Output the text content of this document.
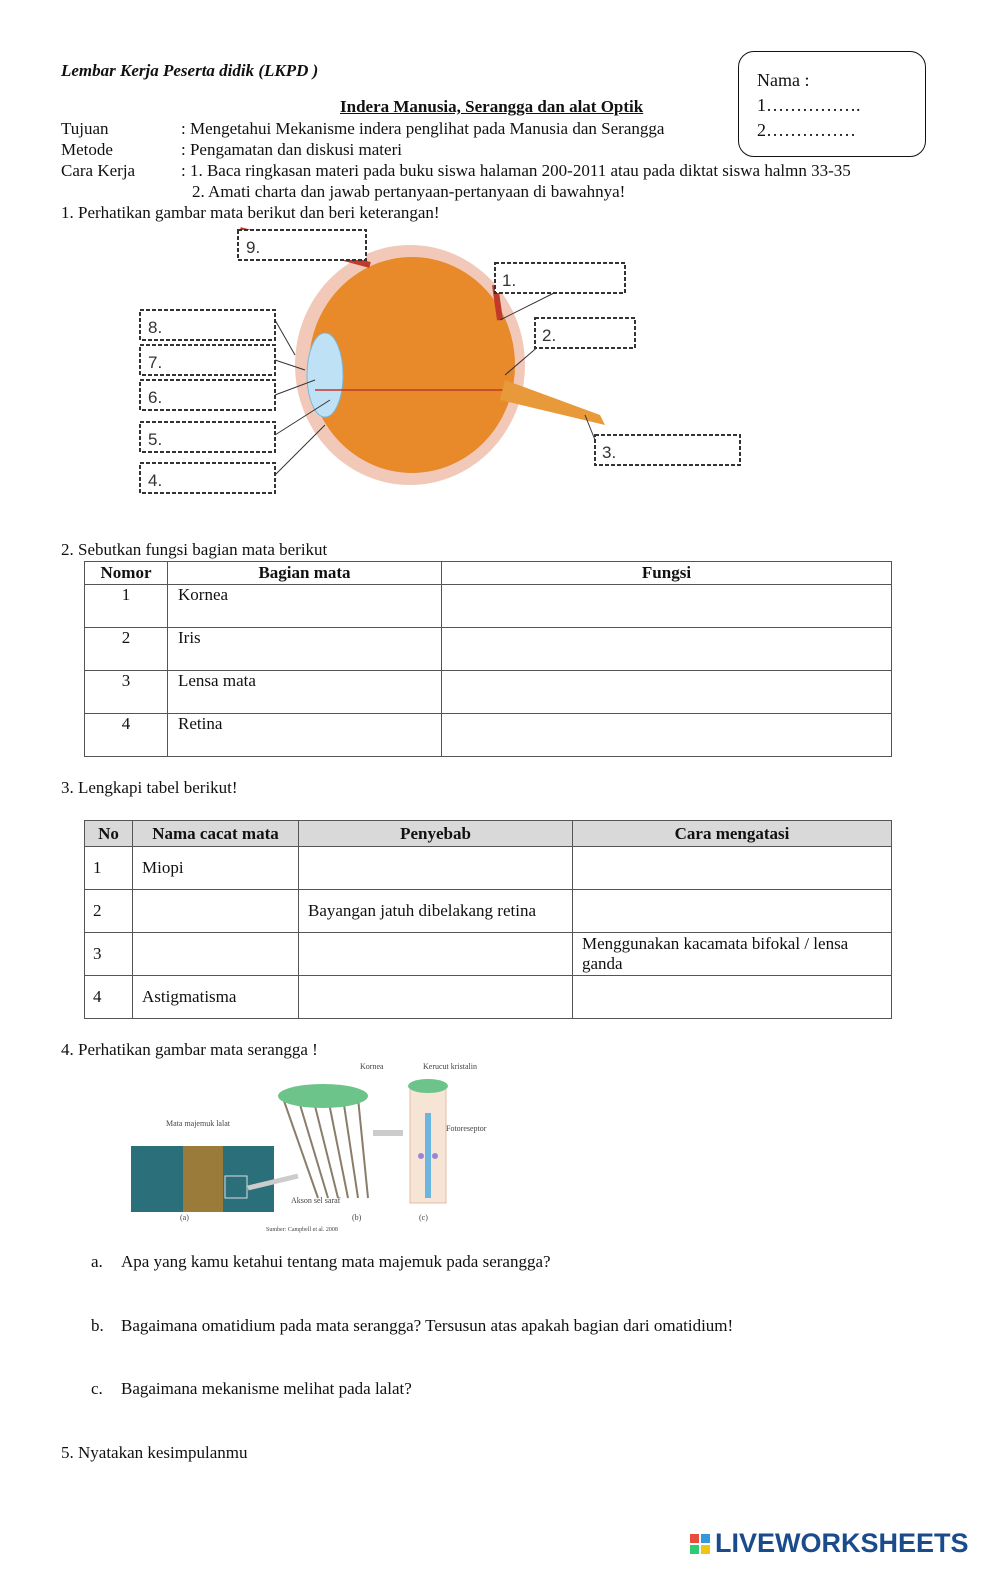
Lembar Kerja Peserta didik (LKPD )
Indera Manusia, Serangga dan alat Optik
Nama :
1…………….
2……………
Tujuan	: Mengetahui Mekanisme indera penglihat pada Manusia dan Serangga
Metode	: Pengamatan dan diskusi materi
Cara Kerja	: 1. Baca ringkasan materi pada buku siswa halaman 200-2011 atau pada diktat siswa halmn 33-35
2. Amati charta dan jawab pertanyaan-pertanyaan di bawahnya!
1. Perhatikan gambar mata berikut dan beri keterangan!
1.
2.
3.
4.
5.
6.
7.
8.
9.
2. Sebutkan fungsi bagian mata berikut
Nomor	Bagian mata	Fungsi
1	Kornea	
2	Iris	
3	Lensa mata	
4	Retina	
3. Lengkapi tabel berikut!
No	Nama cacat mata	Penyebab	Cara mengatasi
1	Miopi		
2		Bayangan jatuh dibelakang retina	
3			Menggunakan kacamata bifokal / lensa ganda
4	Astigmatisma		
4. Perhatikan gambar mata serangga !
Kornea	Kerucut kristalin
Mata majemuk lalat
Fotoreseptor
Akson sel saraf
(a)	(b)	(c)
Sumber: Campbell et al. 2008
a. Apa yang kamu ketahui tentang mata majemuk pada serangga?
b. Bagaimana omatidium pada mata serangga? Tersusun atas apakah bagian dari omatidium!
c. Bagaimana mekanisme melihat pada lalat?
5. Nyatakan kesimpulanmu
LIVEWORKSHEETS
